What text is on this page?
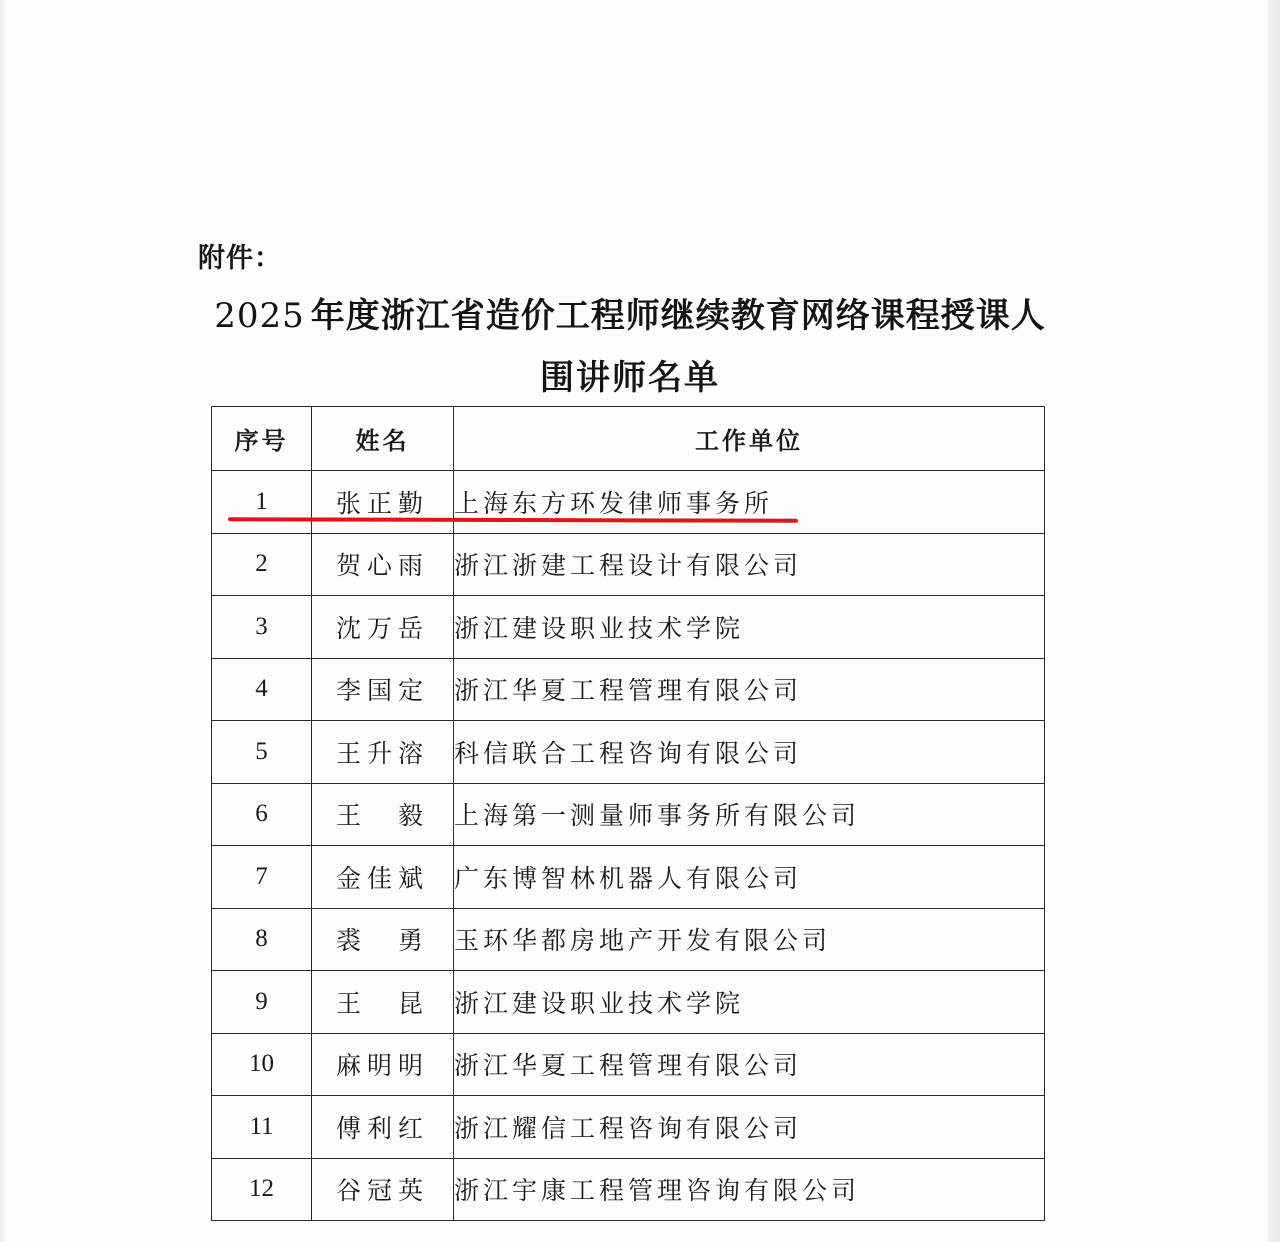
附件：
2025 年度浙江省造价工程师继续教育网络课程授课人
围讲师名单
序号	姓名	工作单位
1	张正勤	上海东方环发律师事务所
2	贺心雨	浙江浙建工程设计有限公司
3	沈万岳	浙江建设职业技术学院
4	李国定	浙江华夏工程管理有限公司
5	王升溶	科信联合工程咨询有限公司
6	王　毅	上海第一测量师事务所有限公司
7	金佳斌	广东博智林机器人有限公司
8	裘　勇	玉环华都房地产开发有限公司
9	王　昆	浙江建设职业技术学院
10	麻明明	浙江华夏工程管理有限公司
11	傅利红	浙江耀信工程咨询有限公司
12	谷冠英	浙江宇康工程管理咨询有限公司
